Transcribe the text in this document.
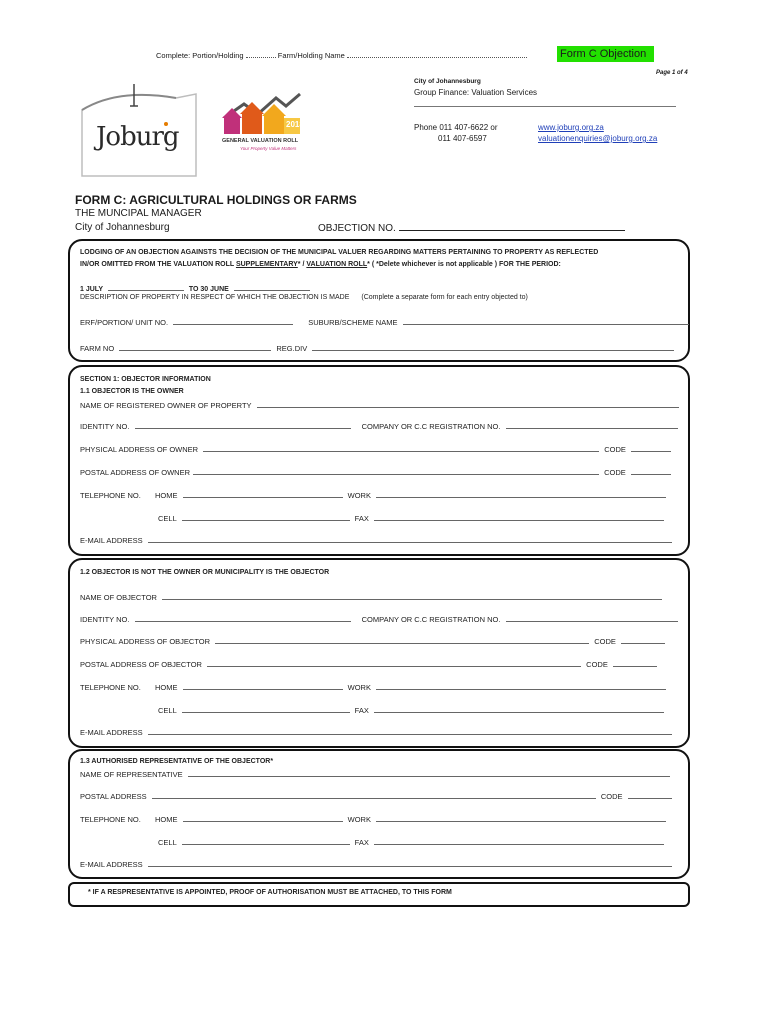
Complete: Portion/Holding	Farm/Holding Name	Form C Objection
Page 1 of 4
City of Johannesburg
Group Finance: Valuation Services
Phone 011 407-6622 or
011 407-6597
www.joburg.org.za
valuationenquiries@joburg.org.za
Joburg	2018
GENERAL VALUATION ROLL
Your Property Value Matters
FORM C: AGRICULTURAL HOLDINGS OR FARMS
THE MUNCIPAL MANAGER
City of Johannesburg	OBJECTION NO.
LODGING OF AN OBJECTION AGAINSTS THE DECISION OF THE MUNICIPAL VALUER REGARDING MATTERS PERTAINING TO PROPERTY AS REFLECTED
IN/OR OMITTED FROM THE VALUATION ROLL SUPPLEMENTARY* / VALUATION ROLL* ( *Delete whichever is not applicable ) FOR THE PERIOD:
1 JULY	TO 30 JUNE
DESCRIPTION OF PROPERTY IN RESPECT OF WHICH THE OBJECTION IS MADE (Complete a separate form for each entry objected to)
ERF/PORTION/ UNIT NO.	SUBURB/SCHEME NAME
FARM NO	REG.DIV
SECTION 1: OBJECTOR INFORMATION
1.1 OBJECTOR IS THE OWNER
NAME OF REGISTERED OWNER OF PROPERTY
IDENTITY NO.	COMPANY OR C.C REGISTRATION NO.
PHYSICAL ADDRESS OF OWNER	CODE
POSTAL ADDRESS OF OWNER	CODE
TELEPHONE NO. HOME	WORK
CELL	FAX
E-MAIL ADDRESS
1.2 OBJECTOR IS NOT THE OWNER OR MUNICIPALITY IS THE OBJECTOR
NAME OF OBJECTOR
IDENTITY NO.	COMPANY OR C.C REGISTRATION NO.
PHYSICAL ADDRESS OF OBJECTOR	CODE
POSTAL ADDRESS OF OBJECTOR	CODE
TELEPHONE NO. HOME	WORK
CELL	FAX
E-MAIL ADDRESS
1.3 AUTHORISED REPRESENTATIVE OF THE OBJECTOR*
NAME OF REPRESENTATIVE
POSTAL ADDRESS	CODE
TELEPHONE NO. HOME	WORK
CELL	FAX
E-MAIL ADDRESS
* IF A RESPRESENTATIVE IS APPOINTED, PROOF OF AUTHORISATION MUST BE ATTACHED, TO THIS FORM
